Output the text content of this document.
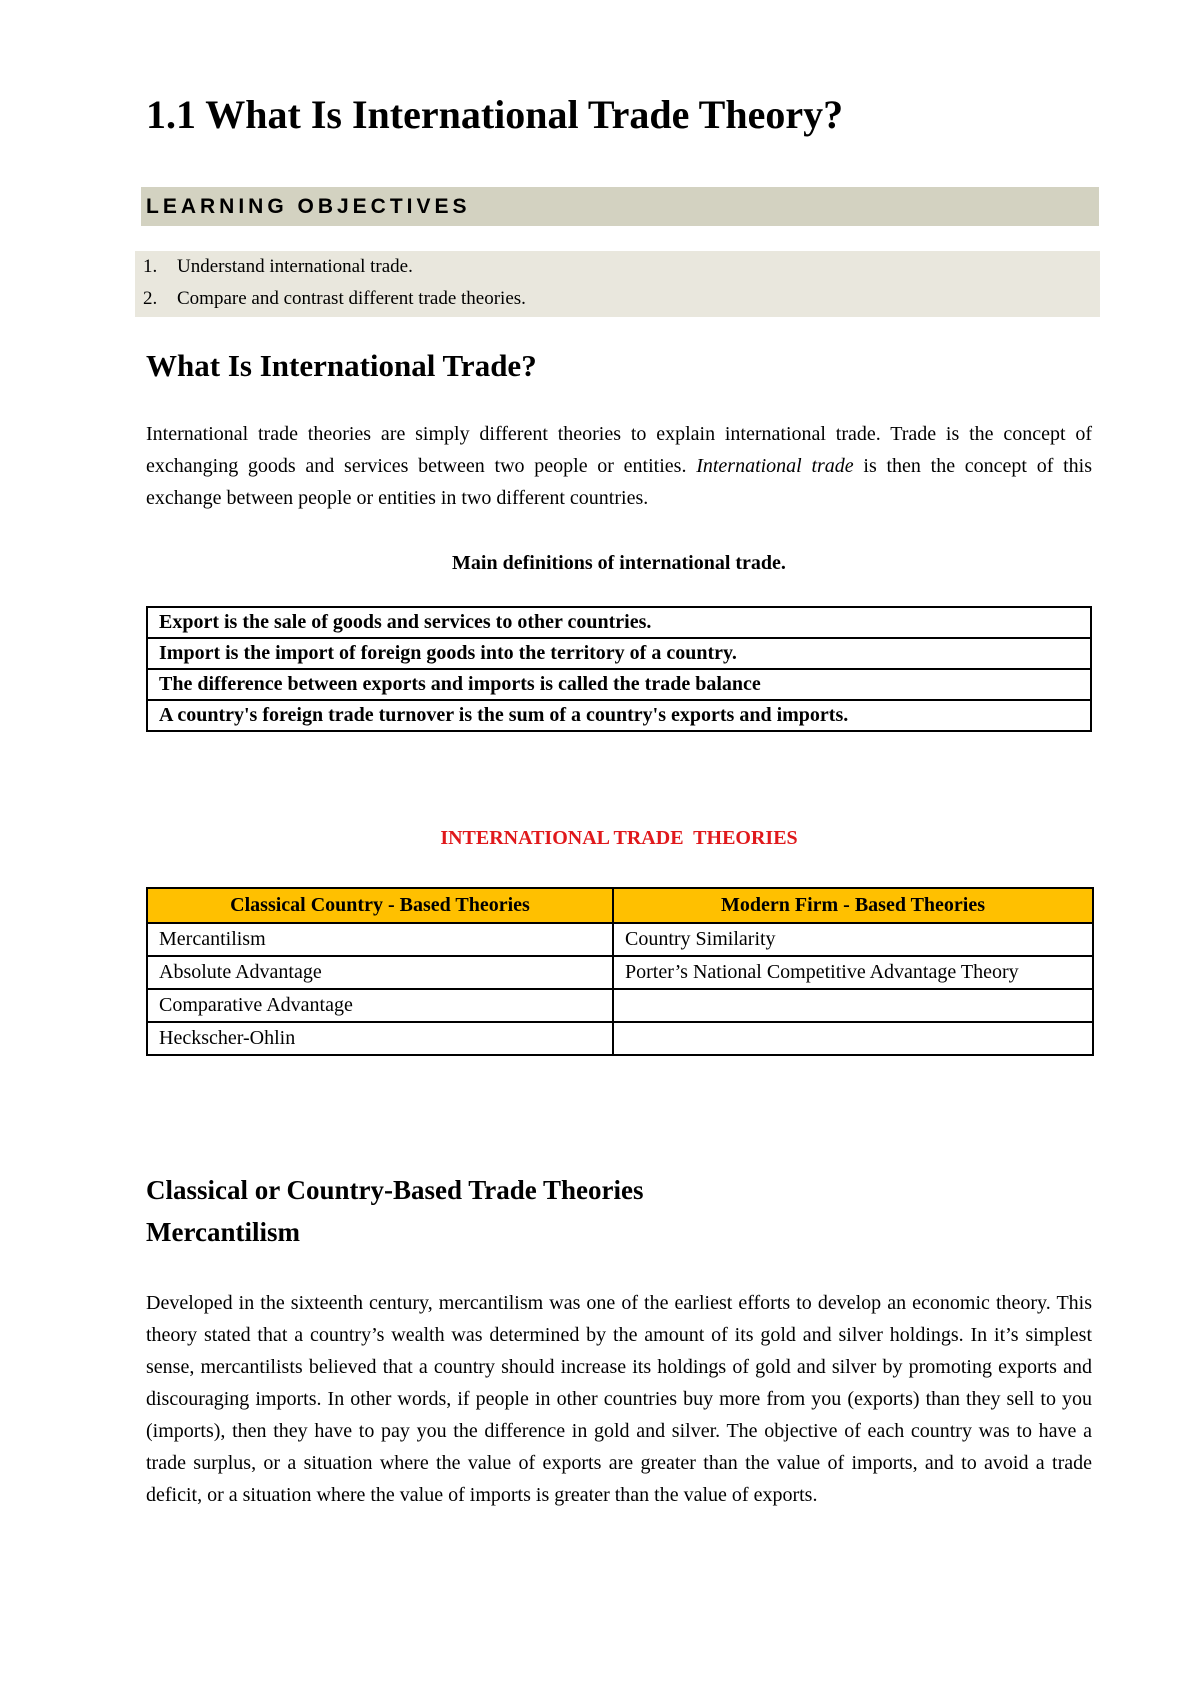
1.1 What Is International Trade Theory?
LEARNING OBJECTIVES
1. Understand international trade.
2. Compare and contrast different trade theories.
What Is International Trade?

International trade theories are simply different theories to explain international trade. Trade is the concept of exchanging goods and services between two people or entities. International trade is then the concept of this exchange between people or entities in two different countries.

Main definitions of international trade.
Export is the sale of goods and services to other countries.
Import is the import of foreign goods into the territory of a country.
The difference between exports and imports is called the trade balance
A country's foreign trade turnover is the sum of a country's exports and imports.
INTERNATIONAL TRADE  THEORIES
Classical Country - Based Theories	Modern Firm - Based Theories
Mercantilism	Country Similarity
Absolute Advantage	Porter’s National Competitive Advantage Theory
Comparative Advantage	
Heckscher-Ohlin	
Classical or Country-Based Trade Theories
Mercantilism

Developed in the sixteenth century, mercantilism was one of the earliest efforts to develop an economic theory. This theory stated that a country’s wealth was determined by the amount of its gold and silver holdings. In it’s simplest sense, mercantilists believed that a country should increase its holdings of gold and silver by promoting exports and discouraging imports. In other words, if people in other countries buy more from you (exports) than they sell to you (imports), then they have to pay you the difference in gold and silver. The objective of each country was to have a trade surplus, or a situation where the value of exports are greater than the value of imports, and to avoid a trade deficit, or a situation where the value of imports is greater than the value of exports.
